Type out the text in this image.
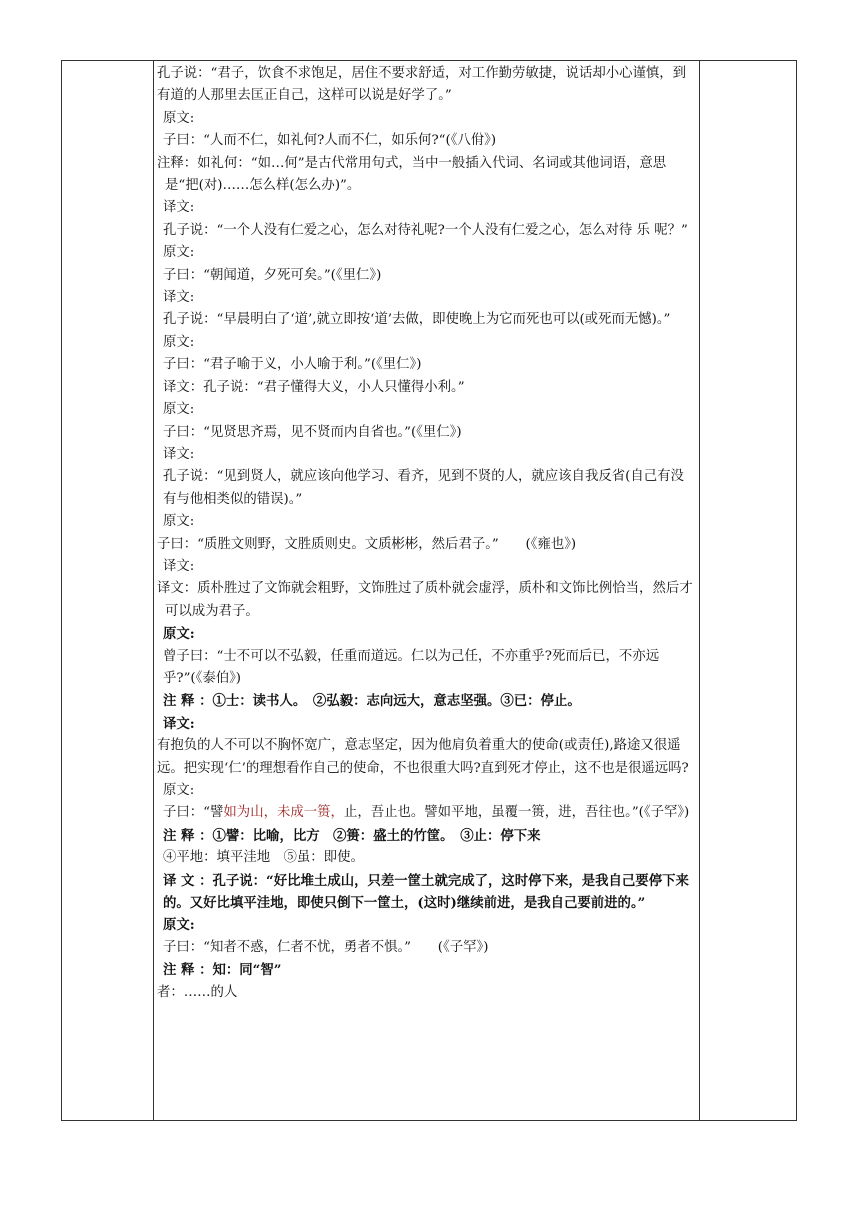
孔子说：“君子，饮食不求饱足，居住不要求舒适，对工作勤劳敏捷，说话却小心谨慎，到有道的人那里去匡正自己，这样可以说是好学了。”

原文:

子曰：“人而不仁，如礼何?人而不仁，如乐何?“(《八佾》)

注释：如礼何：“如…何”是古代常用句式，当中一般插入代词、名词或其他词语，意思是“把(对)……怎么样(怎么办)”。

译文:

孔子说：“一个人没有仁爱之心，怎么对待礼呢?一个人没有仁爱之心，怎么对待 乐 呢？”

原文:

子曰：“朝闻道，夕死可矣。”(《里仁》)

译文:

孔子说：“早晨明白了‘道’,就立即按‘道’去做，即使晚上为它而死也可以(或死而无憾)。”

原文:

子曰：“君子喻于义，小人喻于利。”(《里仁》)

译文：孔子说：“君子懂得大义，小人只懂得小利。”

原文:

子曰：“见贤思齐焉，见不贤而内自省也。”(《里仁》)

译文:

孔子说：“见到贤人，就应该向他学习、看齐，见到不贤的人，就应该自我反省(自己有没有与他相类似的错误)。”

原文:

子曰：“质胜文则野，文胜质则史。文质彬彬，然后君子。”　　(《雍也》)

译文:

译文：质朴胜过了文饰就会粗野，文饰胜过了质朴就会虚浮，质朴和文饰比例恰当，然后才可以成为君子。

原文:

曾子曰：“士不可以不弘毅，任重而道远。仁以为己任，不亦重乎?死而后已，不亦远乎?”(《泰伯》)

注 释 ：①士：读书人。　②弘毅：志向远大，意志坚强。③已：停止。

译文:

有抱负的人不可以不胸怀宽广，意志坚定，因为他肩负着重大的使命(或责任),路途又很遥远。把实现‘仁’的理想看作自己的使命，不也很重大吗?直到死才停止，这不也是很遥远吗?

原文:

子曰：“譬如为山，未成一篑，止，吾止也。譬如平地，虽覆一篑，进，吾往也。”(《子罕》)

注 释 ：①譬：比喻，比方　②篑：盛土的竹筐。　③止：停下来

④平地：填平洼地　⑤虽：即使。

译 文 ：孔子说：“好比堆土成山，只差一筐土就完成了，这时停下来，是我自己要停下来的。又好比填平洼地，即使只倒下一筐土，(这时)继续前进，是我自己要前进的。”

原文:

子曰：“知者不惑，仁者不忧，勇者不惧。”　　(《子罕》)

注 释 ：知：同“智”

者：……的人
